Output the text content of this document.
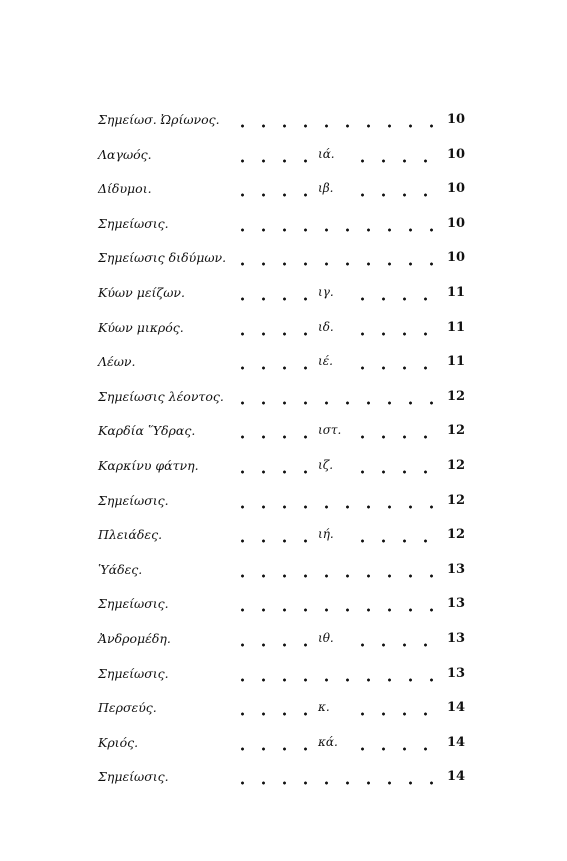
Σημείωσ. Ὠρίωνος.	10
Λαγωός.	ιά.	10
Δίδυμοι.	ιβ.	10
Σημείωσις.	10
Σημείωσις διδύμων.	10
Κύων μείζων.	ιγ.	11
Κύων μικρός.	ιδ.	11
Λέων.	ιέ.	11
Σημείωσις λέοντος.	12
Καρδία Ὕδρας.	ιστ.	12
Καρκίνυ φάτνη.	ιζ.	12
Σημείωσις.	12
Πλειάδες.	ιή.	12
Ὑάδες.	13
Σημείωσις.	13
Ἀνδρομέδη.	ιθ.	13
Σημείωσις.	13
Περσεύς.	κ.	14
Κριός.	κά.	14
Σημείωσις.	14
